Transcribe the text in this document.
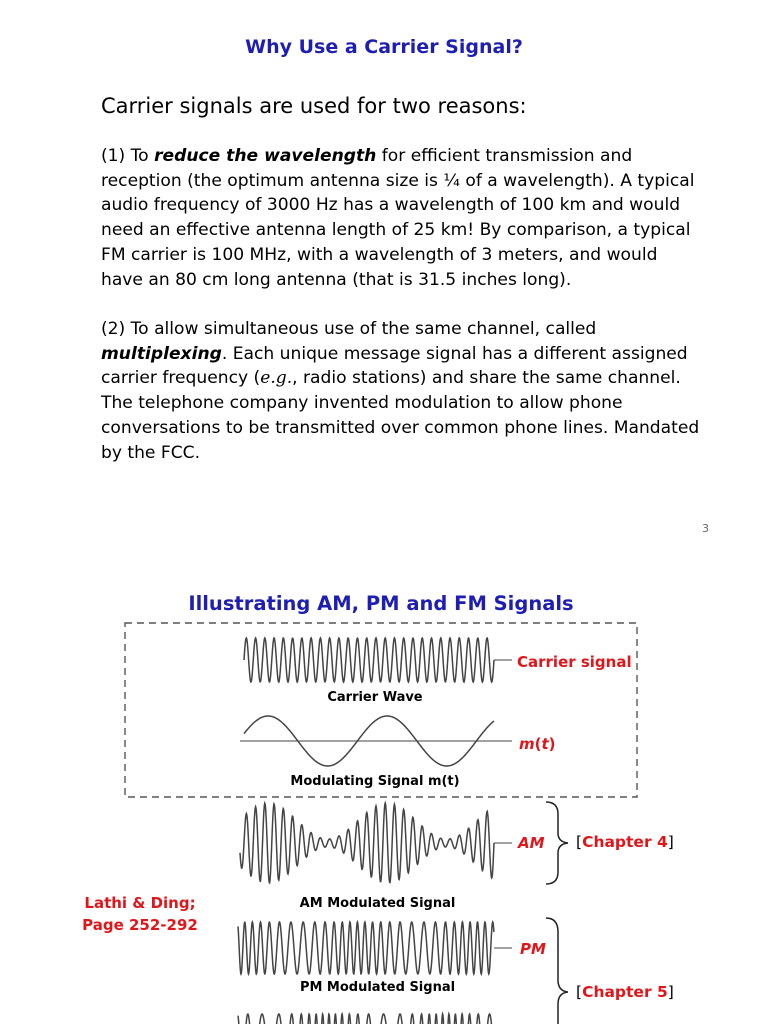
Why Use a Carrier Signal?
Carrier signals are used for two reasons:
(1) To reduce the wavelength for efficient transmission and reception (the optimum antenna size is ¼ of a wavelength). A typical audio frequency of 3000 Hz has a wavelength of 100 km and would need an effective antenna length of 25 km! By comparison, a typical FM carrier is 100 MHz, with a wavelength of 3 meters, and would have an 80 cm long antenna (that is 31.5 inches long).
(2) To allow simultaneous use of the same channel, called multiplexing. Each unique message signal has a different assigned carrier frequency (e.g., radio stations) and share the same channel. The telephone company invented modulation to allow phone conversations to be transmitted over common phone lines. Mandated by the FCC.
3
Illustrating AM, PM and FM Signals
Carrier Wave
Carrier signal
Modulating Signal m(t)
m(t)
AM [Chapter 4]
AM Modulated Signal
PM
PM Modulated Signal	[Chapter 5]
Lathi & Ding;
Page 252-292
